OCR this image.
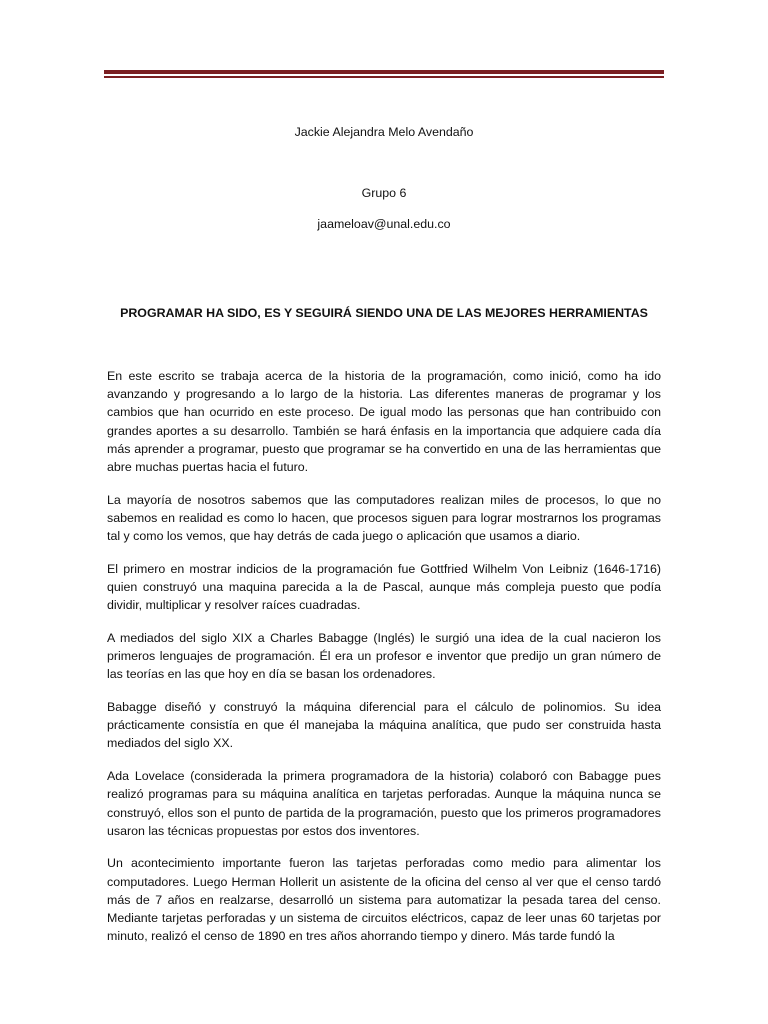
Jackie Alejandra Melo Avendaño
Grupo 6
jaameloav@unal.edu.co
PROGRAMAR HA SIDO, ES Y SEGUIRÁ SIENDO UNA DE LAS MEJORES HERRAMIENTAS

En este escrito se trabaja acerca de la historia de la programación, como inició, como ha ido avanzando y progresando a lo largo de la historia. Las diferentes maneras de programar y los cambios que han ocurrido en este proceso. De igual modo las personas que han contribuido con grandes aportes a su desarrollo. También se hará énfasis en la importancia que adquiere cada día más aprender a programar, puesto que programar se ha convertido en una de las herramientas que abre muchas puertas hacia el futuro.

La mayoría de nosotros sabemos que las computadores realizan miles de procesos, lo que no sabemos en realidad es como lo hacen, que procesos siguen para lograr mostrarnos los programas tal y como los vemos, que hay detrás de cada juego o aplicación que usamos a diario.

El primero en mostrar indicios de la programación fue Gottfried Wilhelm Von Leibniz (1646-1716) quien construyó una maquina parecida a la de Pascal, aunque más compleja puesto que podía dividir, multiplicar y resolver raíces cuadradas.

A mediados del siglo XIX a Charles Babagge (Inglés) le surgió una idea de la cual nacieron los primeros lenguajes de programación. Él era un profesor e inventor que predijo un gran número de las teorías en las que hoy en día se basan los ordenadores.

Babagge diseñó y construyó la máquina diferencial para el cálculo de polinomios. Su idea prácticamente consistía en que él manejaba la máquina analítica, que pudo ser construida hasta mediados del siglo XX.

Ada Lovelace (considerada la primera programadora de la historia) colaboró con Babagge pues realizó programas para su máquina analítica en tarjetas perforadas. Aunque la máquina nunca se construyó, ellos son el punto de partida de la programación, puesto que los primeros programadores usaron las técnicas propuestas por estos dos inventores.

Un acontecimiento importante fueron las tarjetas perforadas como medio para alimentar los computadores. Luego Herman Hollerit un asistente de la oficina del censo al ver que el censo tardó más de 7 años en realzarse, desarrolló un sistema para automatizar la pesada tarea del censo. Mediante tarjetas perforadas y un sistema de circuitos eléctricos, capaz de leer unas 60 tarjetas por minuto, realizó el censo de 1890 en tres años ahorrando tiempo y dinero. Más tarde fundó la
